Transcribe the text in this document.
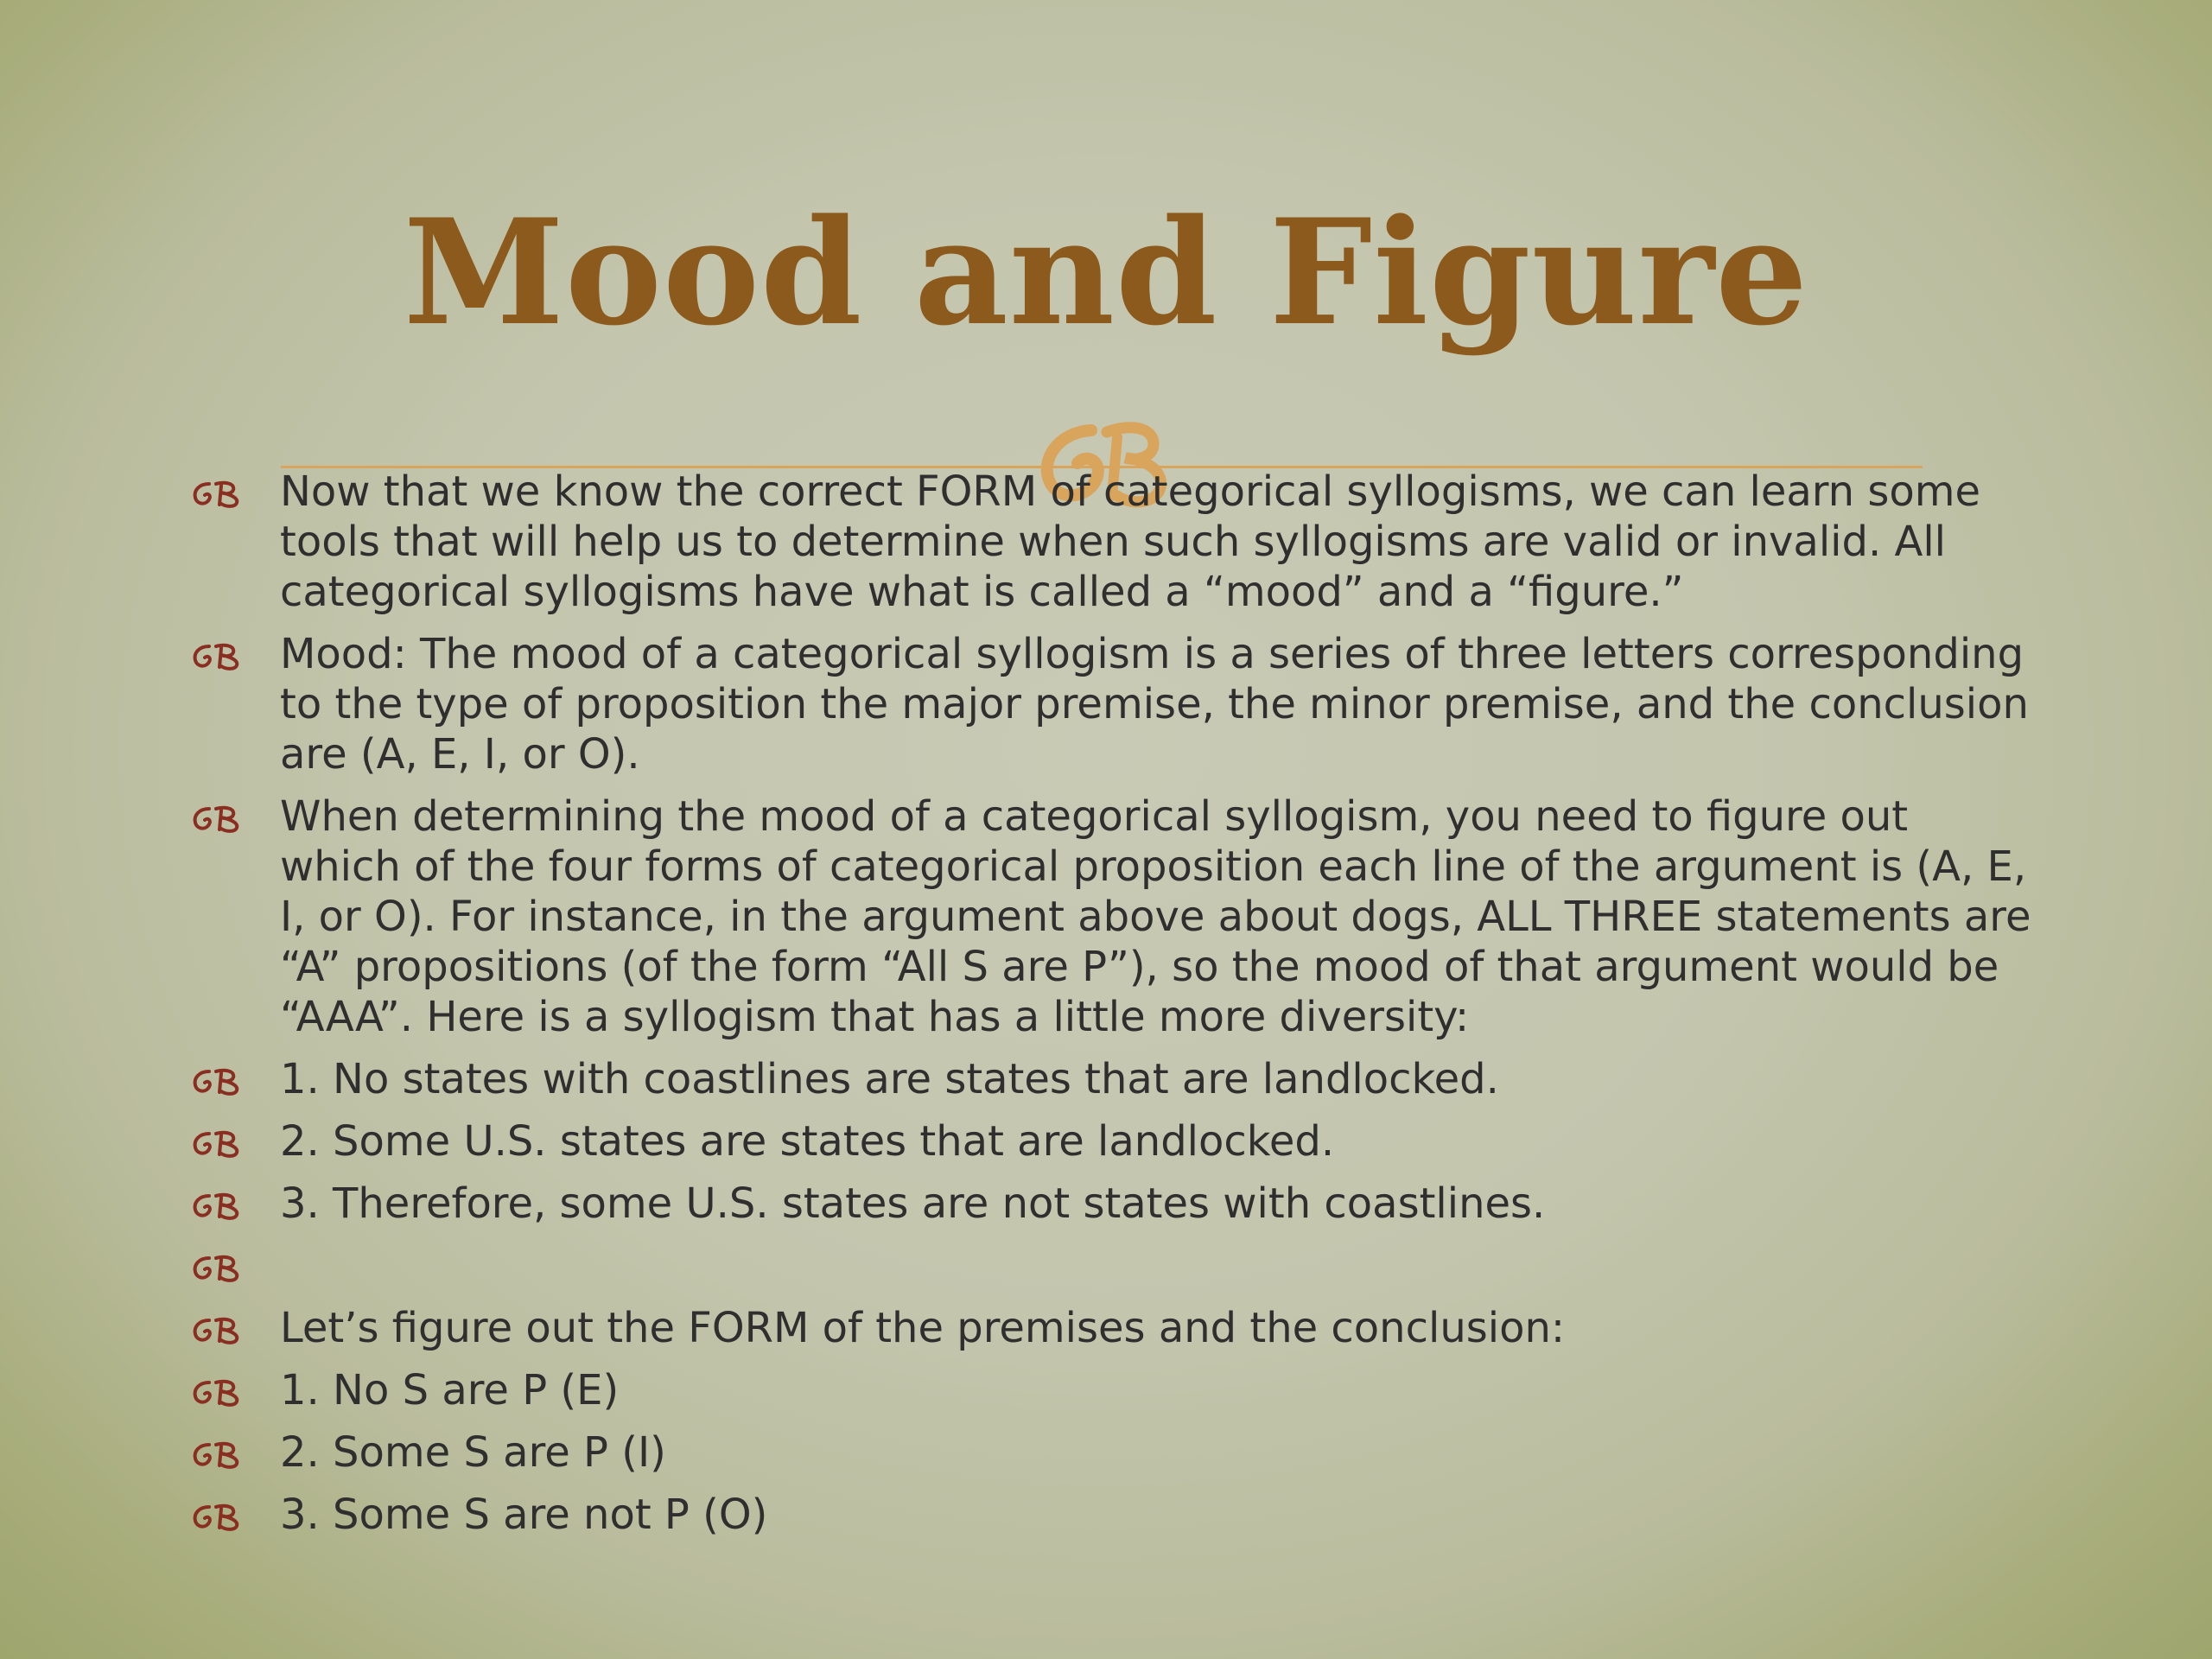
Mood and Figure
Now that we know the correct FORM of categorical syllogisms, we can learn some tools that will help us to determine when such syllogisms are valid or invalid. All categorical syllogisms have what is called a “mood” and a “figure.”
Mood: The mood of a categorical syllogism is a series of three letters corresponding to the type of proposition the major premise, the minor premise, and the conclusion are (A, E, I, or O).
When determining the mood of a categorical syllogism, you need to figure out which of the four forms of categorical proposition each line of the argument is (A, E, I, or O). For instance, in the argument above about dogs, ALL THREE statements are “A” propositions (of the form “All S are P”), so the mood of that argument would be “AAA”. Here is a syllogism that has a little more diversity:
1. No states with coastlines are states that are landlocked.
2. Some U.S. states are states that are landlocked.
3. Therefore, some U.S. states are not states with coastlines.
Let’s figure out the FORM of the premises and the conclusion:
1. No S are P (E)
2. Some S are P (I)
3. Some S are not P (O)
